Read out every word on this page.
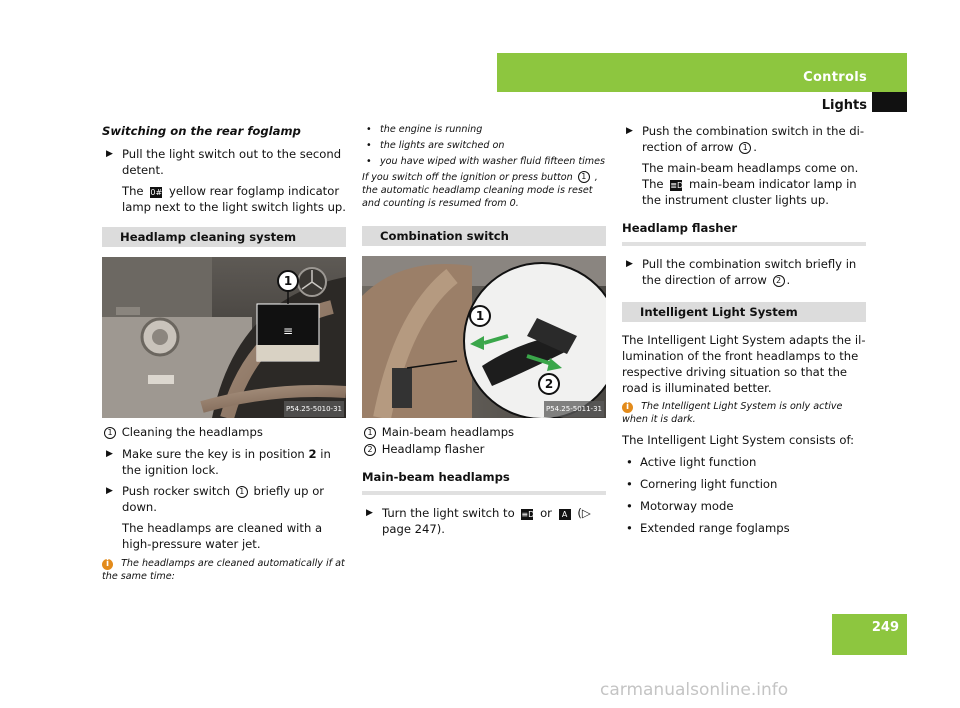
Controls
Lights

Switching on the rear foglamp

▶ Pull the light switch out to the second detent.

The 0# yellow rear foglamp indicator lamp next to the light switch lights up.

Headlamp cleaning system
≡
1
P54.25-5010-31

1 Cleaning the headlamps

▶ Make sure the key is in position 2 in the ignition lock.
▶ Push rocker switch 1 briefly up or down.

The headlamps are cleaned with a high-pressure water jet.

i The headlamps are cleaned automatically if at the same time:

• the engine is running
• the lights are switched on
• you have wiped with washer fluid fifteen times

If you switch off the ignition or press button 1 , the automatic headlamp cleaning mode is reset and counting is resumed from 0.

Combination switch
1
2
P54.25-5011-31

1 Main-beam headlamps

2 Headlamp flasher

Main-beam headlamps
▶ Turn the light switch to ≡D or A (▷ page 247).
▶ Push the combination switch in the di-rection of arrow 1 .

The main-beam headlamps come on. The ≣D main-beam indicator lamp in the instrument cluster lights up.

Headlamp flasher
▶ Pull the combination switch briefly in the direction of arrow 2 .
Intelligent Light System

The Intelligent Light System adapts the il-lumination of the front headlamps to the respective driving situation so that the road is illuminated better.

i The Intelligent Light System is only active when it is dark.

The Intelligent Light System consists of:

• Active light function
• Cornering light function
• Motorway mode
• Extended range foglamps
249
carmanualsonline.info
